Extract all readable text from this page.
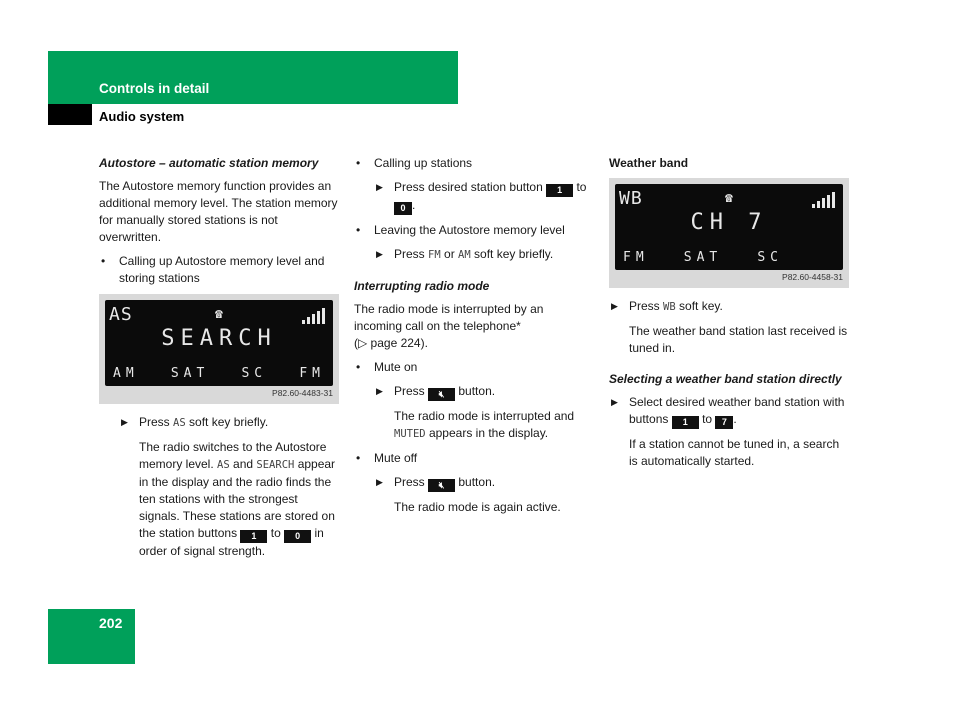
Controls in detail
Audio system
Autostore – automatic station memory
The Autostore memory function provides an additional memory level. The station memory for manually stored stations is not overwritten.
• Calling up Autostore memory level and storing stations
AS	☎
SEARCH
AM SAT SC FM
P82.60-4483-31
▶ Press AS soft key briefly.
The radio switches to the Autostore memory level. AS and SEARCH appear in the display and the radio finds the ten stations with the strongest signals. These stations are stored on the station buttons 1 to 0 in order of signal strength.
• Calling up stations
▶ Press desired station button 1 to 0 .
• Leaving the Autostore memory level
▶ Press FM or AM soft key briefly.
Interrupting radio mode
The radio mode is interrupted by an incoming call on the telephone*
(▷ page 224).
• Mute on
▶ Press 🔇︎ button.
The radio mode is interrupted and MUTED appears in the display.
• Mute off
▶ Press 🔇︎ button.
The radio mode is again active.
Weather band
WB	☎
CH 7
FM	SAT	SC
P82.60-4458-31
▶ Press WB soft key.
The weather band station last received is tuned in.
Selecting a weather band station directly
▶ Select desired weather band station with buttons 1 to 7 .
If a station cannot be tuned in, a search is automatically started.
202
